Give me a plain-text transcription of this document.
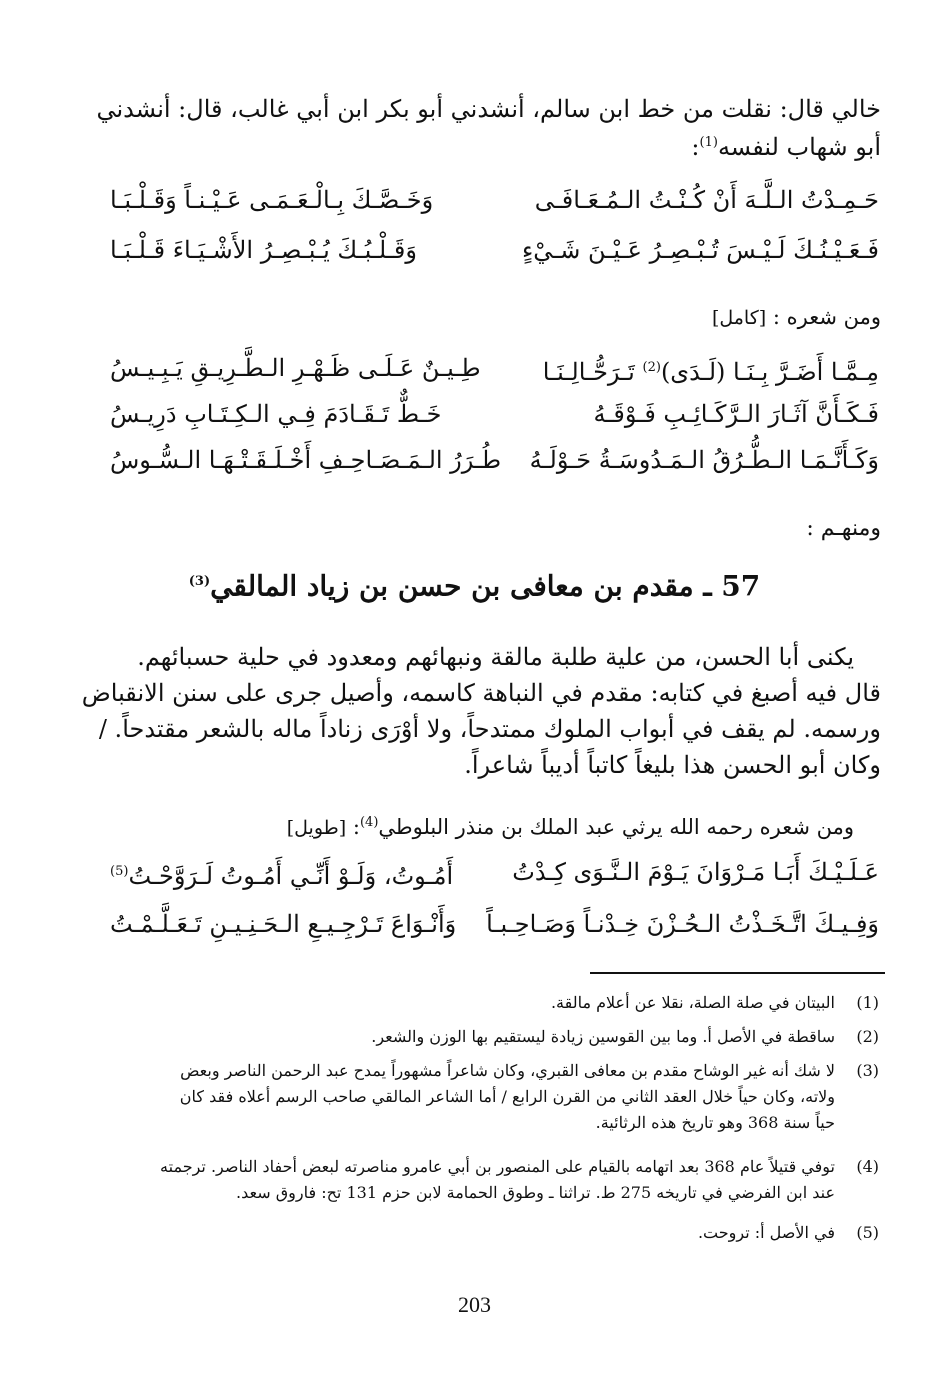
خالي قال: نقلت من خط ابن سالم، أنشدني أبو بكر ابن أبي غالب، قال: أنشدني
أبو شهاب لنفسه$^{(1)}$:
حَـمِـدْتُ الـلَّـهَ أَنْ كُـنْـتُ الـمُـعَـافَـى
وَخَـصَّـكَ بِـالْـعَـمَـى عَـيْـنـاً وَقَـلْـبَـا
فَـعَـيْـنُـكَ لَـيْـسَ تُـبْـصِـرُ عَـيْـنَ شَـيْءٍ
وَقَـلْـبُـكَ يُـبْـصِـرُ الأَشْـيَـاءَ قَـلْـبَـا
ومن شعره : [كامل]
مِـمَّـا أَضَـرَّ بِـنَـا (لَـدَى)$^{(2)}$ تَـرَحُّـالِـنَـا
طِـيـنٌ عَـلَـى ظَـهْـرِ الـطَّـرِيـقِ يَـبِـيـسُ
فَـكَـأَنَّ آثَـارَ الـرَّكَـائِـبِ فَـوْقَـهُ
خَـطٌّ تَـقَـادَمَ فِـي الـكِـتَـابِ دَرِيـسُ
وَكَـأَنَّـمَـا الـطُّـرُقُ الـمَـدُوسَـةُ حَـوْلَـهُ
طُـرَرُ الـمَـصَـاحِـفِ أَخْـلَـقَـتْـهَـا الـسُّـوسُ
ومنهـم :
57 ـ مقدم بن معافى بن حسن بن زياد المالقي$^{(3)}$
يكنى أبا الحسن، من علية طلبة مالقة ونبهائهم ومعدود في حلية حسبائهم.
قال فيه أصبغ في كتابه: مقدم في النباهة كاسمه، وأصيل جرى على سنن الانقباض
ورسمه. لم يقف في أبواب الملوك ممتدحاً، ولا أوْرَى زناداً ماله بالشعر مقتدحاً. /
وكان أبو الحسن هذا بليغاً كاتباً أديباً شاعراً.
ومن شعره رحمه الله يرثي عبد الملك بن منذر البلوطي$^{(4)}$: [طويل]
عَـلَـيْـكَ أَبَـا مَـرْوَانَ يَـوْمَ الـنَّـوَى كِـدْتُ
أَمُـوتُ، وَلَـوْ أَنِّـي أَمُـوتُ لَـرَوَّحْـتُ$^{(5)}$
وَفِـيـكَ اتَّـخَـذْتُ الـحُـزْنَ خِـدْنـاً وَصَـاحِـبـاً
وَأَنْـوَاعَ تَـرْجِـيـعِ الـحَـنِـيـنِ تَـعَـلَّـمْـتُ
(1)
البيتان في صلة الصلة، نقلا عن أعلام مالقة.
(2)
ساقطة في الأصل أ. وما بين القوسين زيادة ليستقيم بها الوزن والشعر.
(3)
لا شك أنه غير الوشاح مقدم بن معافى القبري، وكان شاعراً مشهوراً يمدح عبد الرحمن الناصر وبعض
ولاته، وكان حياً خلال العقد الثاني من القرن الرابع / أما الشاعر المالقي صاحب الرسم أعلاه فقد كان
حياً سنة 368 وهو تاريخ هذه الرثائية.
(4)
توفي قتيلاً عام 368 بعد اتهامه بالقيام على المنصور بن أبي عامرو مناصرته لبعض أحفاد الناصر. ترجمته
عند ابن الفرضي في تاريخه 275 ط. تراثنا ـ وطوق الحمامة لابن حزم 131 تح: فاروق سعد.
(5)
في الأصل أ: تروحت.
203
